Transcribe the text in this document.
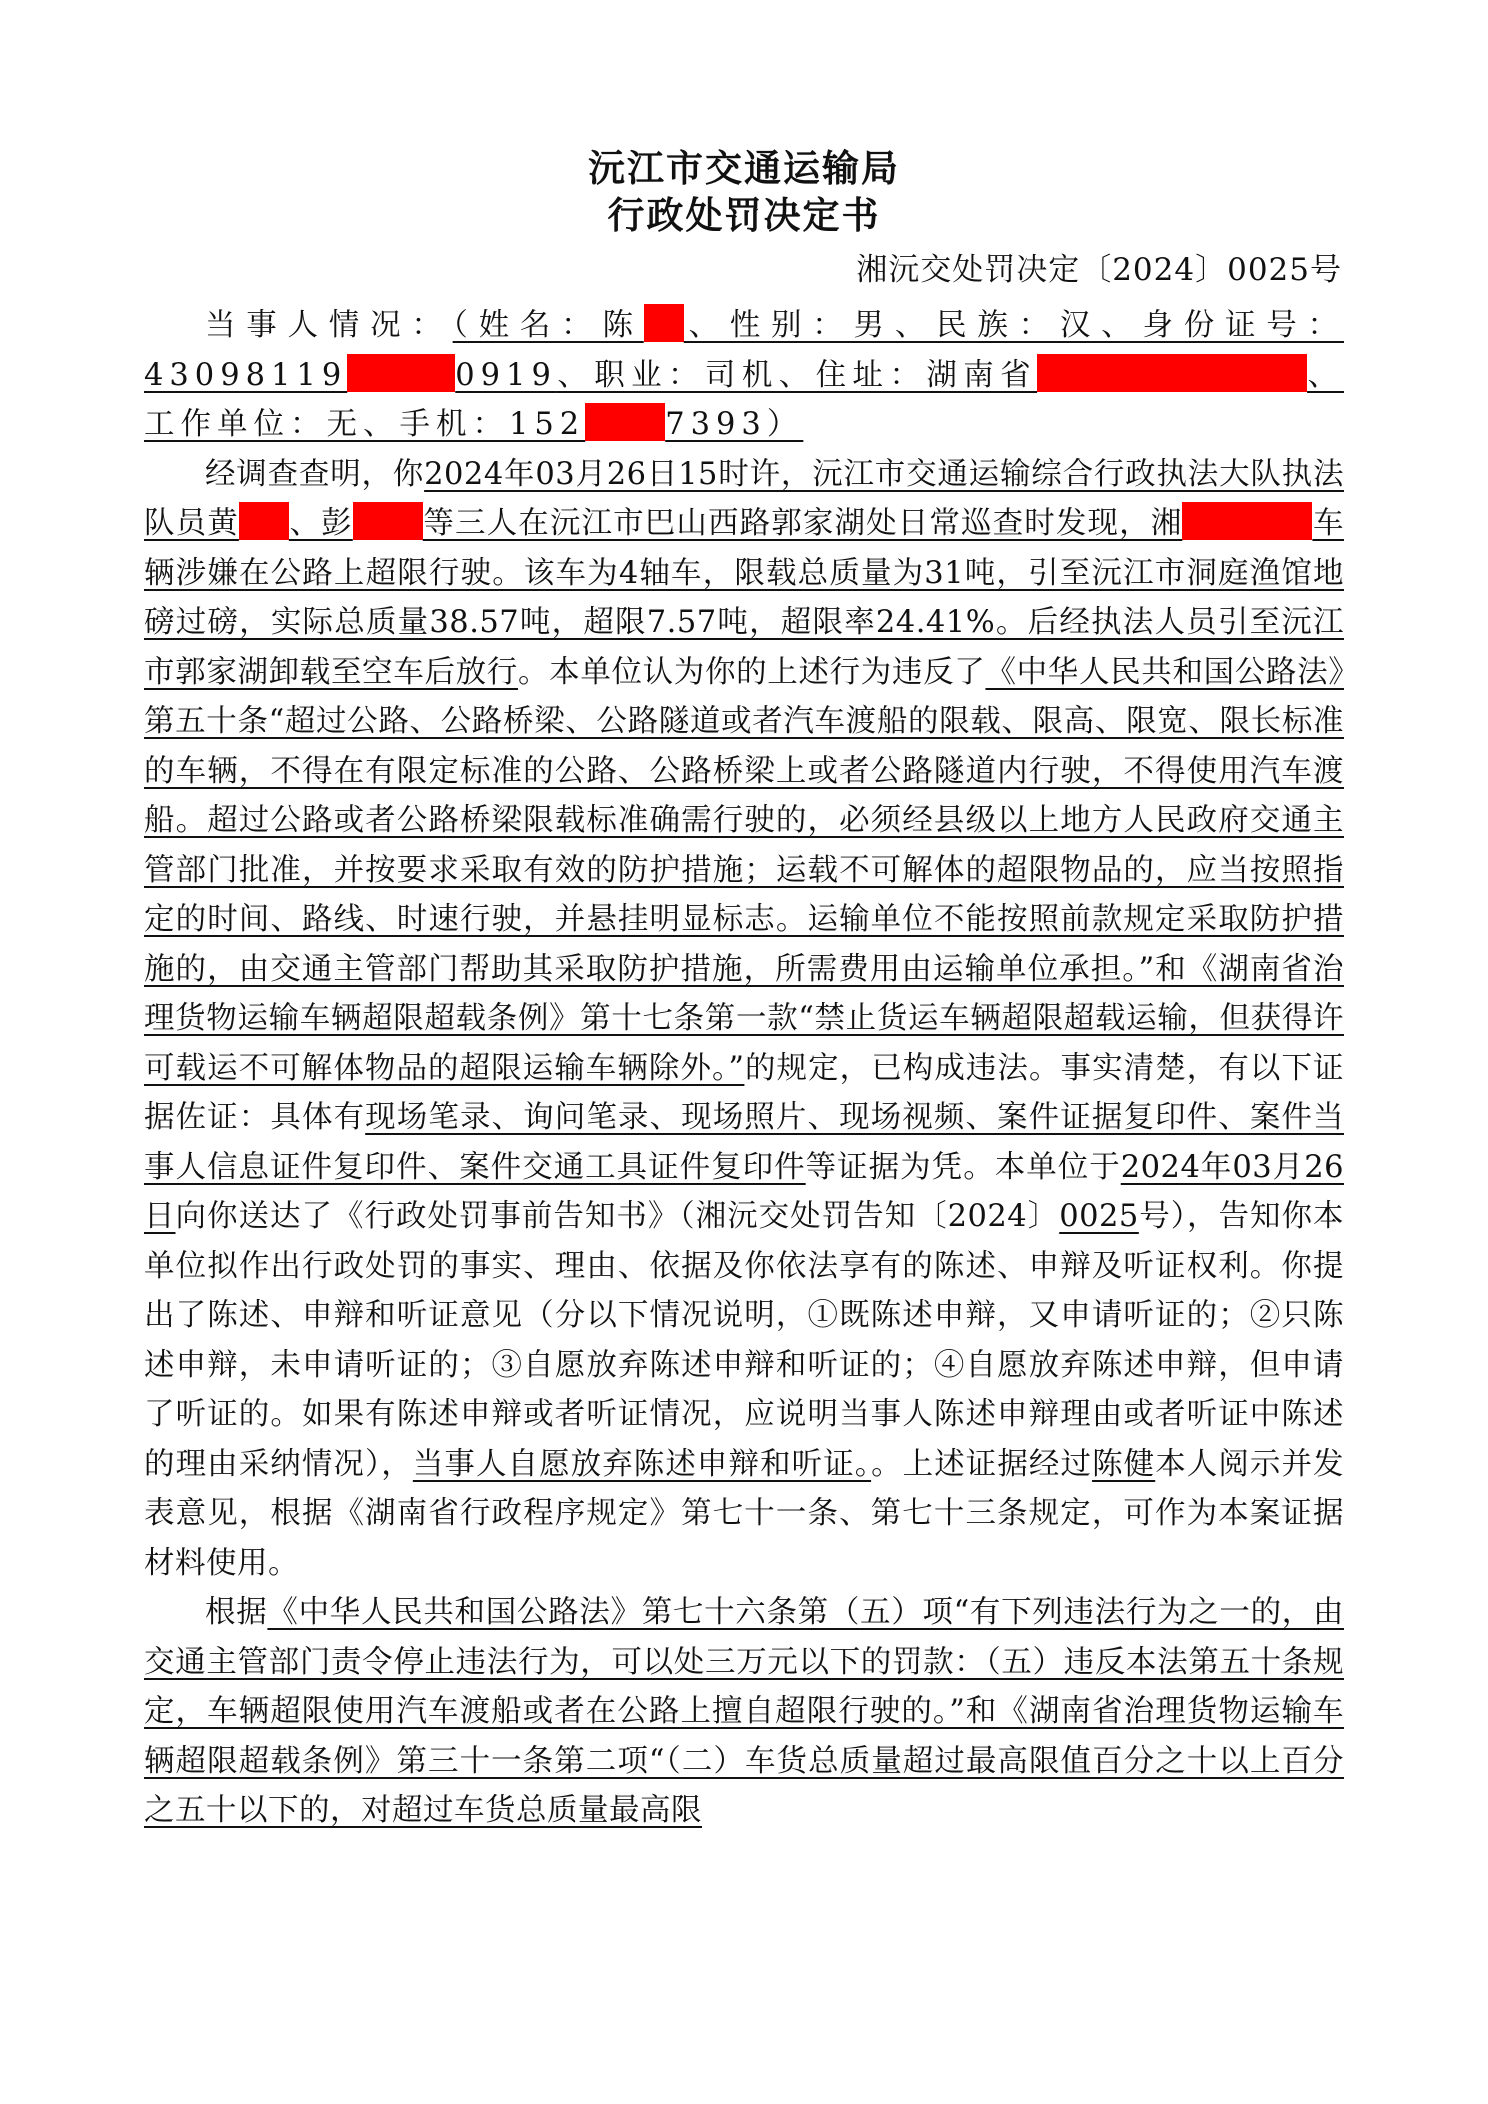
沅江市交通运输局
行政处罚决定书
湘沅交处罚决定〔2024〕0025号

当事人情况：（姓名：陈 、性别：男、民族：汉、身份证号：43098119	0919、职业：司机、住址：湖南省	、工作单位：无、手机：152	7393）

经调查查明，你2024年03月26日15时许，沅江市交通运输综合行政执法大队执法队员黄 、彭 等三人在沅江市巴山西路郭家湖处日常巡查时发现，湘	车辆涉嫌在公路上超限行驶。该车为4轴车，限载总质量为31吨，引至沅江市洞庭渔馆地磅过磅，实际总质量38.57吨，超限7.57吨，超限率24.41%。后经执法人员引至沅江市郭家湖卸载至空车后放行。本单位认为你的上述行为违反了《中华人民共和国公路法》第五十条“超过公路、公路桥梁、公路隧道或者汽车渡船的限载、限高、限宽、限长标准的车辆，不得在有限定标准的公路、公路桥梁上或者公路隧道内行驶，不得使用汽车渡船。超过公路或者公路桥梁限载标准确需行驶的，必须经县级以上地方人民政府交通主管部门批准，并按要求采取有效的防护措施；运载不可解体的超限物品的，应当按照指定的时间、路线、时速行驶，并悬挂明显标志。运输单位不能按照前款规定采取防护措施的，由交通主管部门帮助其采取防护措施，所需费用由运输单位承担。”和《湖南省治理货物运输车辆超限超载条例》第十七条第一款“禁止货运车辆超限超载运输，但获得许可载运不可解体物品的超限运输车辆除外。”的规定，已构成违法。事实清楚，有以下证据佐证：具体有现场笔录、询问笔录、现场照片、现场视频、案件证据复印件、案件当事人信息证件复印件、案件交通工具证件复印件等证据为凭。本单位于2024年03月26日向你送达了《行政处罚事前告知书》（湘沅交处罚告知〔2024〕0025号），告知你本单位拟作出行政处罚的事实、理由、依据及你依法享有的陈述、申辩及听证权利。你提出了陈述、申辩和听证意见（分以下情况说明，①既陈述申辩，又申请听证的；②只陈述申辩，未申请听证的；③自愿放弃陈述申辩和听证的；④自愿放弃陈述申辩，但申请了听证的。如果有陈述申辩或者听证情况，应说明当事人陈述申辩理由或者听证中陈述的理由采纳情况），当事人自愿放弃陈述申辩和听证。。上述证据经过陈健本人阅示并发表意见，根据《湖南省行政程序规定》第七十一条、第七十三条规定，可作为本案证据材料使用。

根据《中华人民共和国公路法》第七十六条第（五）项“有下列违法行为之一的，由交通主管部门责令停止违法行为，可以处三万元以下的罚款：（五）违反本法第五十条规定，车辆超限使用汽车渡船或者在公路上擅自超限行驶的。”和《湖南省治理货物运输车辆超限超载条例》第三十一条第二项“（二）车货总质量超过最高限值百分之十以上百分之五十以下的，对超过车货总质量最高限
